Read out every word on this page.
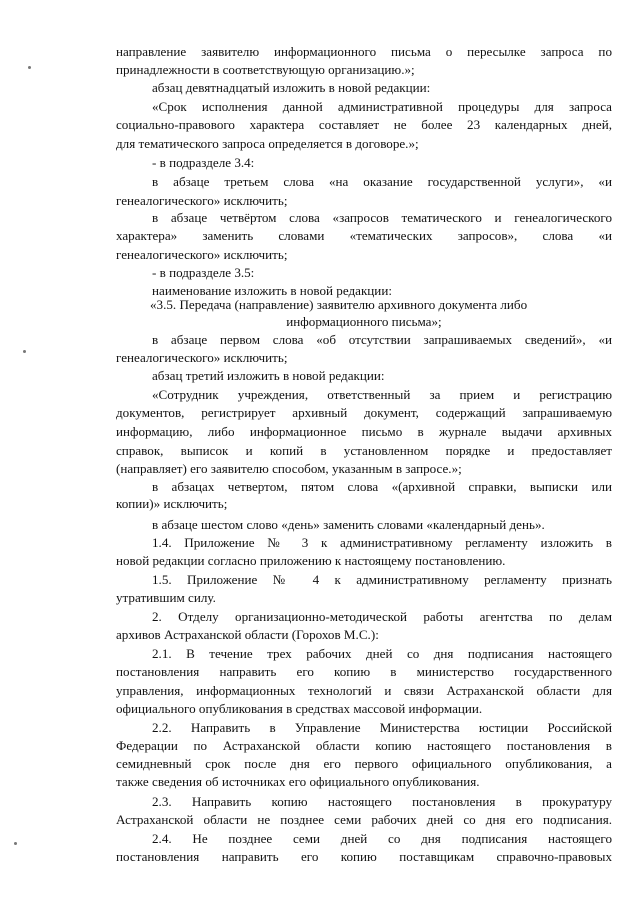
направление заявителю информационного письма о пересылке запроса по
принадлежности в соответствующую организацию.»;
абзац девятнадцатый изложить в новой редакции:
«Срок исполнения данной административной процедуры для запроса
социально-правового характера составляет не более 23 календарных дней,
для тематического запроса определяется в договоре.»;
- в подразделе 3.4:
в абзаце третьем слова «на оказание государственной услуги», «и
генеалогического» исключить;
в абзаце четвёртом слова «запросов тематического и генеалогического
характера» заменить словами «тематических запросов», слова «и
генеалогического» исключить;
- в подразделе 3.5:
наименование изложить в новой редакции:
«3.5. Передача (направление) заявителю архивного документа либо
информационного письма»;
в абзаце первом слова «об отсутствии запрашиваемых сведений», «и
генеалогического» исключить;
абзац третий изложить в новой редакции:
«Сотрудник учреждения, ответственный за прием и регистрацию
документов, регистрирует архивный документ, содержащий запрашиваемую
информацию, либо информационное письмо в журнале выдачи архивных
справок, выписок и копий в установленном порядке и предоставляет
(направляет) его заявителю способом, указанным в запросе.»;
в абзацах четвертом, пятом слова «(архивной справки, выписки или
копии)» исключить;
в абзаце шестом слово «день» заменить словами «календарный день».
1.4. Приложение № 3 к административному регламенту изложить в
новой редакции согласно приложению к настоящему постановлению.
1.5. Приложение № 4 к административному регламенту признать
утратившим силу.
2. Отделу организационно-методической работы агентства по делам
архивов Астраханской области (Горохов М.С.):
2.1. В течение трех рабочих дней со дня подписания настоящего
постановления направить его копию в министерство государственного
управления, информационных технологий и связи Астраханской области для
официального опубликования в средствах массовой информации.
2.2. Направить в Управление Министерства юстиции Российской
Федерации по Астраханской области копию настоящего постановления в
семидневный срок после дня его первого официального опубликования, а
также сведения об источниках его официального опубликования.
2.3. Направить копию настоящего постановления в прокуратуру
Астраханской области не позднее семи рабочих дней со дня его подписания.
2.4. Не позднее семи дней со дня подписания настоящего
постановления направить его копию поставщикам справочно-правовых
